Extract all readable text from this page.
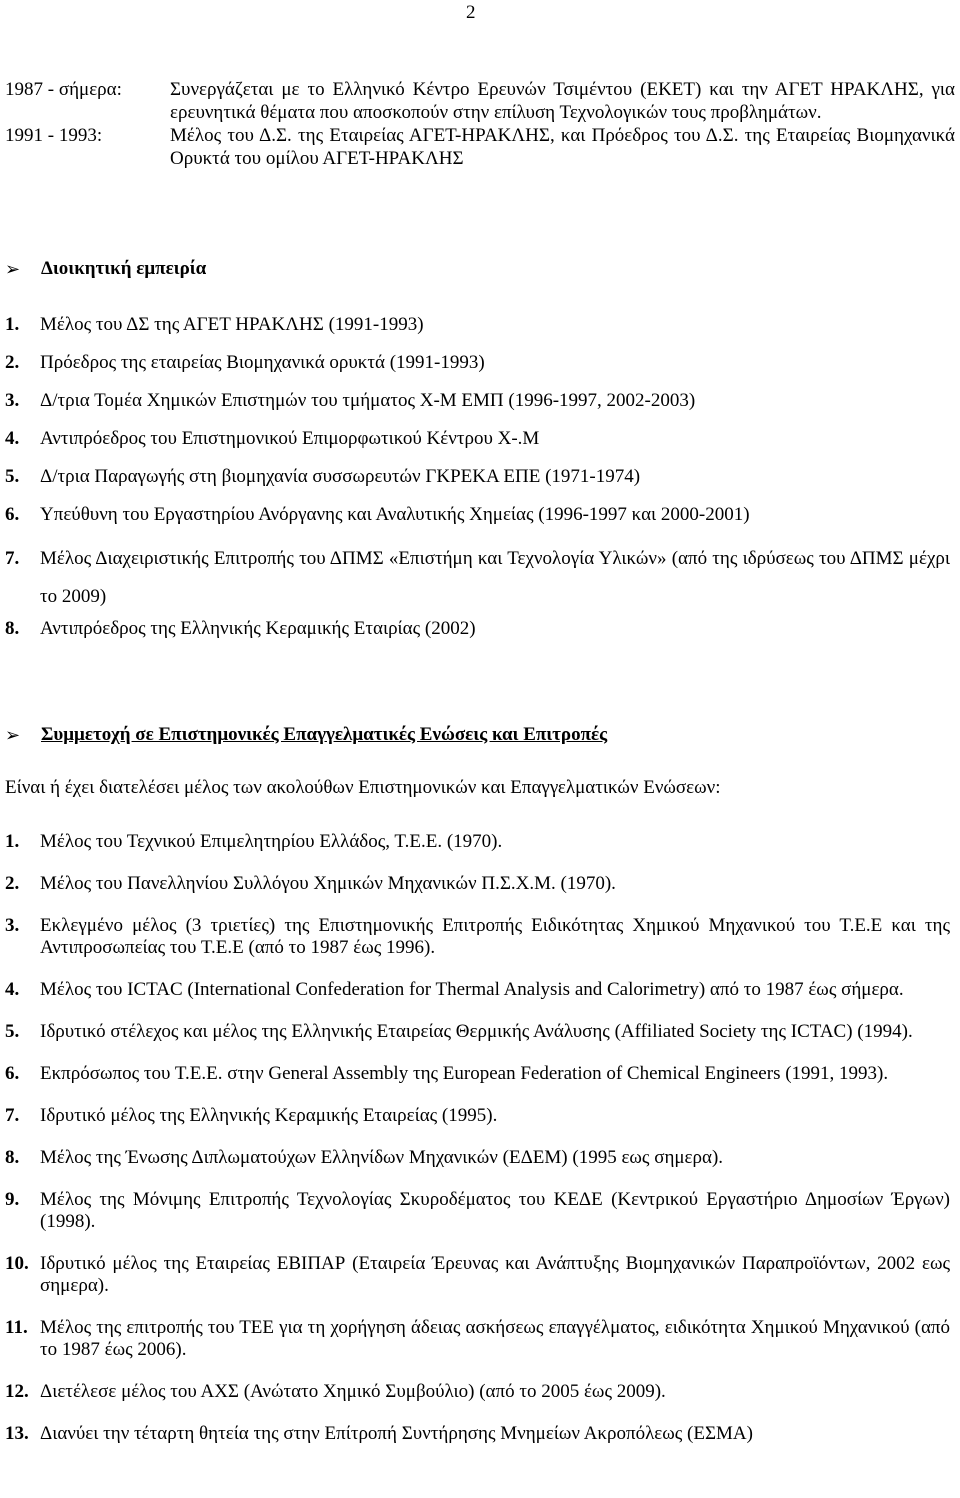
2
1987 - σήμερα:	Συνεργάζεται με το Ελληνικό Κέντρο Ερευνών Τσιμέντου (ΕΚΕΤ) και την ΑΓΕΤ ΗΡΑΚΛΗΣ, για ερευνητικά θέματα που αποσκοπούν στην επίλυση Τεχνολογικών τους προβλημάτων.
1991 - 1993:	Μέλος του Δ.Σ. της Εταιρείας ΑΓΕΤ-ΗΡΑΚΛΗΣ, και Πρόεδρος του Δ.Σ. της Εταιρείας Βιομηχανικά Ορυκτά του ομίλου ΑΓΕΤ-ΗΡΑΚΛΗΣ
➢	Διοικητική εμπειρία
1.	Μέλος του ΔΣ της ΑΓΕΤ ΗΡΑΚΛΗΣ (1991-1993)
2.	Πρόεδρος της εταιρείας Βιομηχανικά ορυκτά (1991-1993)
3.	Δ/τρια Τομέα Χημικών Επιστημών του τμήματος Χ-Μ ΕΜΠ (1996-1997, 2002-2003)
4.	Αντιπρόεδρος του Επιστημονικού Επιμορφωτικού Κέντρου Χ-.Μ
5.	Δ/τρια Παραγωγής στη βιομηχανία συσσωρευτών ΓΚΡΕΚΑ ΕΠΕ (1971-1974)
6.	Υπεύθυνη του Εργαστηρίου Ανόργανης και Αναλυτικής Χημείας (1996-1997 και 2000-2001)
7.	Μέλος Διαχειριστικής Επιτροπής του ΔΠΜΣ «Επιστήμη και Τεχνολογία Υλικών» (από της ιδρύσεως του ΔΠΜΣ μέχρι το 2009)
8.	Αντιπρόεδρος της Ελληνικής Κεραμικής Εταιρίας (2002)
➢	Συμμετοχή σε Επιστημονικές Επαγγελματικές Ενώσεις και Επιτροπές
Είναι ή έχει διατελέσει μέλος των ακολούθων Επιστημονικών και Επαγγελματικών Ενώσεων:
1.	Μέλος του Τεχνικού Επιμελητηρίου Ελλάδος, Τ.Ε.Ε. (1970).
2.	Μέλος του Πανελληνίου Συλλόγου Χημικών Μηχανικών Π.Σ.Χ.Μ. (1970).
3.	Εκλεγμένο μέλος (3 τριετίες) της Επιστημονικής Επιτροπής Ειδικότητας Χημικού Μηχανικού του Τ.Ε.Ε και της Αντιπροσωπείας του Τ.Ε.Ε (από το 1987 έως 1996).
4.	Μέλος του ICTAC (International Confederation for Thermal Analysis and Calorimetry) από το 1987 έως σήμερα.
5.	Ιδρυτικό στέλεχος και μέλος της Ελληνικής Εταιρείας Θερμικής Ανάλυσης (Affiliated Society της ICTAC) (1994).
6.	Εκπρόσωπος του Τ.Ε.Ε. στην General Assembly της European Federation of Chemical Engineers (1991, 1993).
7.	Ιδρυτικό μέλος της Ελληνικής Κεραμικής Εταιρείας (1995).
8.	Μέλος της Ένωσης Διπλωματούχων Ελληνίδων Μηχανικών (ΕΔΕΜ) (1995 εως σημερα).
9.	Μέλος της Μόνιμης Επιτροπής Τεχνολογίας Σκυροδέματος του ΚΕΔΕ (Κεντρικού Εργαστήριο Δημοσίων Έργων) (1998).
10. Ιδρυτικό μέλος της Εταιρείας ΕΒΙΠΑΡ (Εταιρεία Έρευνας και Ανάπτυξης Βιομηχανικών Παραπροϊόντων, 2002 εως σημερα).
11. Μέλος της επιτροπής του ΤΕΕ για τη χορήγηση άδειας ασκήσεως επαγγέλματος, ειδικότητα Χημικού Μηχανικού (από το 1987 έως 2006).
12. Διετέλεσε μέλος του ΑΧΣ (Ανώτατο Χημικό Συμβούλιο) (από το 2005 έως 2009).
13. Διανύει την τέταρτη θητεία της στην Επίτροπή Συντήρησης Μνημείων Ακροπόλεως (ΕΣΜΑ)
